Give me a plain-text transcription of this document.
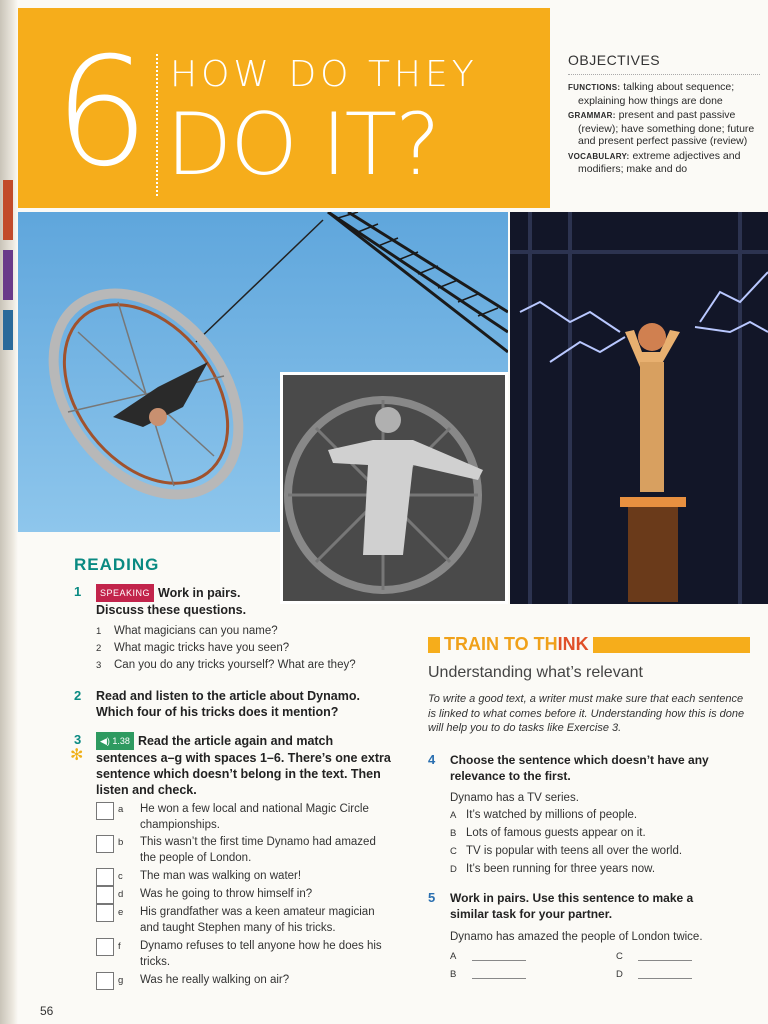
6 HOW DO THEY
DO IT?
OBJECTIVES
FUNCTIONS: talking about sequence; explaining how things are done
GRAMMAR: present and past passive (review); have something done; future and present perfect passive (review)
VOCABULARY: extreme adjectives and modifiers; make and do
READING
1	SPEAKING Work in pairs. Discuss these questions.
1 What magicians can you name?
2 What magic tricks have you seen?
3 Can you do any tricks yourself? What are they?
2 Read and listen to the article about Dynamo. Which four of his tricks does it mention?
3
✻
◀) 1.38 Read the article again and match sentences a–g with spaces 1–6. There’s one extra sentence which doesn’t belong in the text. Then listen and check.
a He won a few local and national Magic Circle championships.
b This wasn’t the first time Dynamo had amazed the people of London.
c The man was walking on water!
d Was he going to throw himself in?
e His grandfather was a keen amateur magician and taught Stephen many of his tricks.
f Dynamo refuses to tell anyone how he does his tricks.
g Was he really walking on air?
TRAIN TO THINK
Understanding what’s relevant
To write a good text, a writer must make sure that each sentence is linked to what comes before it. Understanding how this is done will help you to do tasks like Exercise 3.
4 Choose the sentence which doesn’t have any relevance to the first.
Dynamo has a TV series.
A It’s watched by millions of people.
B Lots of famous guests appear on it.
C TV is popular with teens all over the world.
D It’s been running for three years now.
5 Work in pairs. Use this sentence to make a similar task for your partner.
Dynamo has amazed the people of London twice.
A
B
C
D
56
